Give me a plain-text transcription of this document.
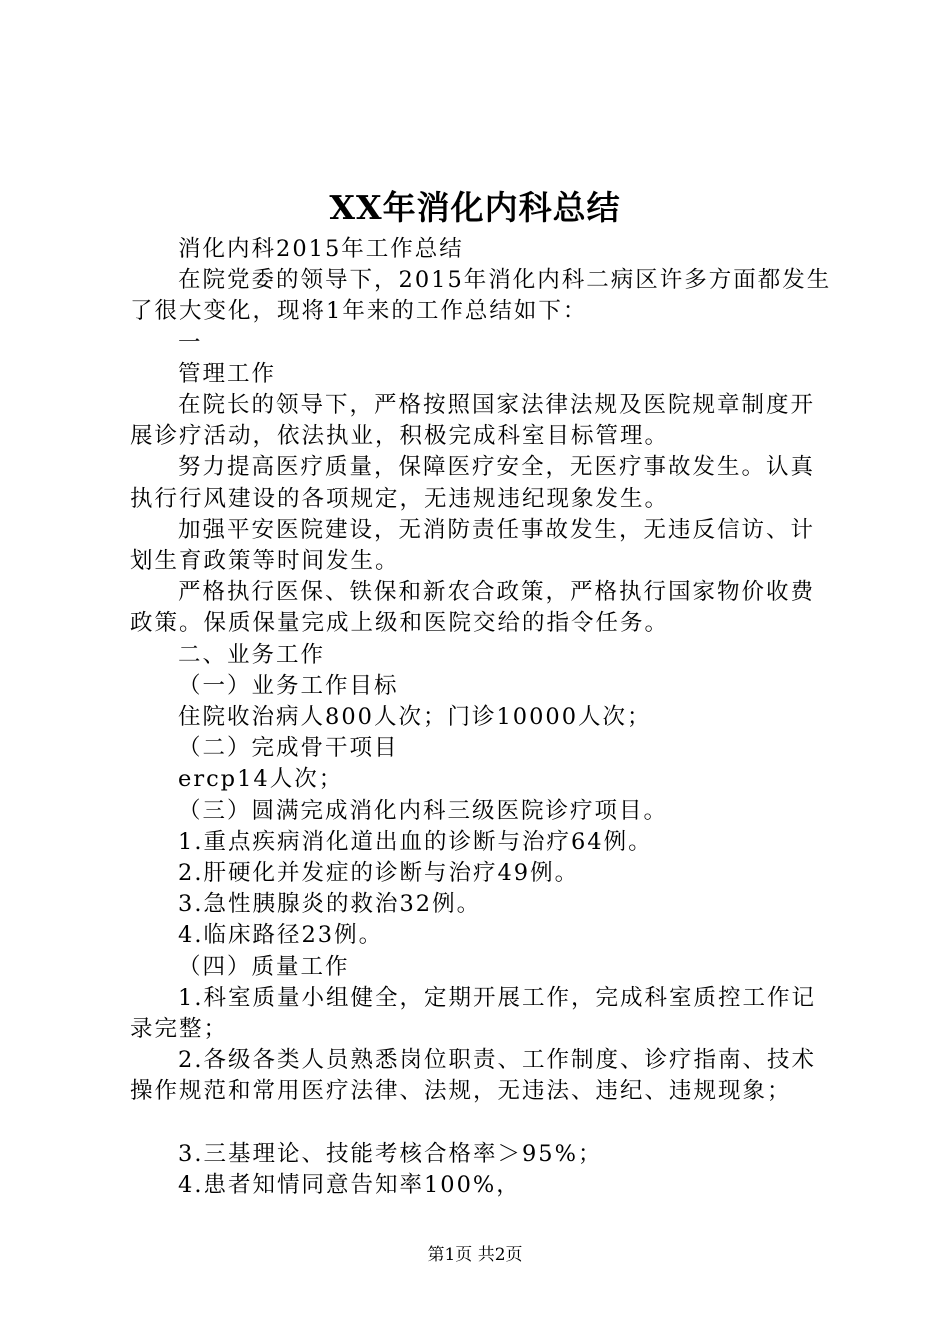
XX年消化内科总结

消化内科2015年工作总结

在院党委的领导下，2015年消化内科二病区许多方面都发生了很大变化，现将1年来的工作总结如下：

一

管理工作

在院长的领导下，严格按照国家法律法规及医院规章制度开展诊疗活动，依法执业，积极完成科室目标管理。

努力提高医疗质量，保障医疗安全，无医疗事故发生。认真执行行风建设的各项规定，无违规违纪现象发生。

加强平安医院建设，无消防责任事故发生，无违反信访、计划生育政策等时间发生。

严格执行医保、铁保和新农合政策，严格执行国家物价收费政策。保质保量完成上级和医院交给的指令任务。

二、业务工作

（一）业务工作目标

住院收治病人800人次；门诊10000人次；

（二）完成骨干项目

ercp14人次；

（三）圆满完成消化内科三级医院诊疗项目。

1.重点疾病消化道出血的诊断与治疗64例。

2.肝硬化并发症的诊断与治疗49例。

3.急性胰腺炎的救治32例。

4.临床路径23例。

（四）质量工作

1.科室质量小组健全，定期开展工作，完成科室质控工作记录完整；

2.各级各类人员熟悉岗位职责、工作制度、诊疗指南、技术操作规范和常用医疗法律、法规，无违法、违纪、违规现象；

3.三基理论、技能考核合格率＞95%；

4.患者知情同意告知率100%，

第1页 共2页
